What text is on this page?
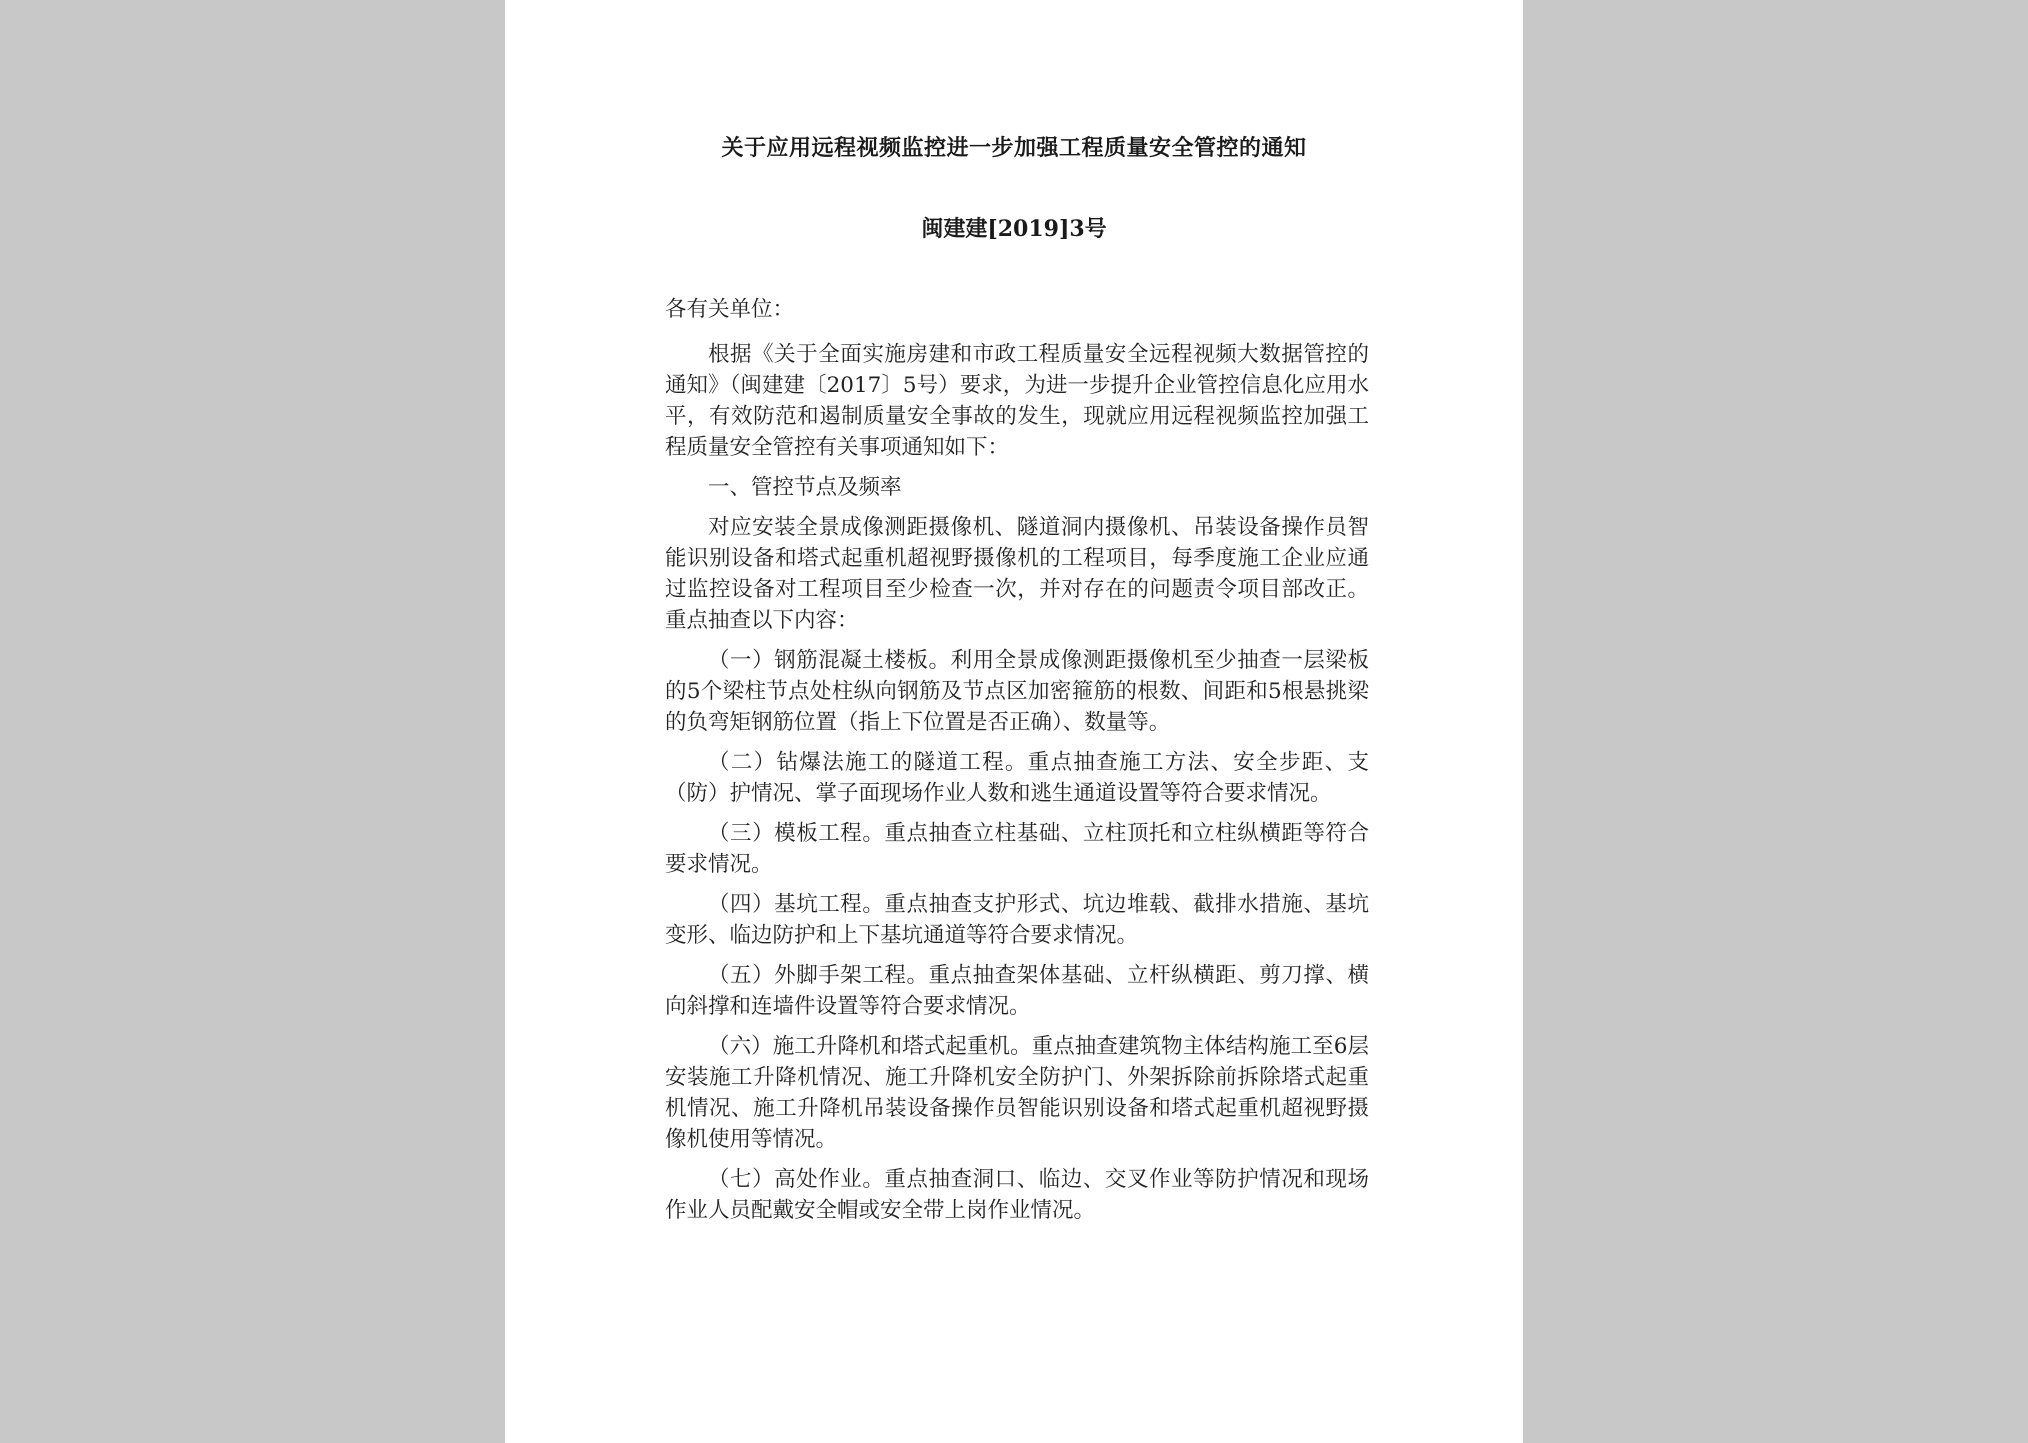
关于应用远程视频监控进一步加强工程质量安全管控的通知
闽建建[2019]3号

各有关单位：

根据《关于全面实施房建和市政工程质量安全远程视频大数据管控的通知》（闽建建〔2017〕5号）要求，为进一步提升企业管控信息化应用水平，有效防范和遏制质量安全事故的发生，现就应用远程视频监控加强工程质量安全管控有关事项通知如下：

一、管控节点及频率

对应安装全景成像测距摄像机、隧道洞内摄像机、吊装设备操作员智能识别设备和塔式起重机超视野摄像机的工程项目，每季度施工企业应通过监控设备对工程项目至少检查一次，并对存在的问题责令项目部改正。重点抽查以下内容：

（一）钢筋混凝土楼板。利用全景成像测距摄像机至少抽查一层梁板的5个梁柱节点处柱纵向钢筋及节点区加密箍筋的根数、间距和5根悬挑梁的负弯矩钢筋位置（指上下位置是否正确）、数量等。

（二）钻爆法施工的隧道工程。重点抽查施工方法、安全步距、支（防）护情况、掌子面现场作业人数和逃生通道设置等符合要求情况。

（三）模板工程。重点抽查立柱基础、立柱顶托和立柱纵横距等符合要求情况。

（四）基坑工程。重点抽查支护形式、坑边堆载、截排水措施、基坑变形、临边防护和上下基坑通道等符合要求情况。

（五）外脚手架工程。重点抽查架体基础、立杆纵横距、剪刀撑、横向斜撑和连墙件设置等符合要求情况。

（六）施工升降机和塔式起重机。重点抽查建筑物主体结构施工至6层安装施工升降机情况、施工升降机安全防护门、外架拆除前拆除塔式起重机情况、施工升降机吊装设备操作员智能识别设备和塔式起重机超视野摄像机使用等情况。

（七）高处作业。重点抽查洞口、临边、交叉作业等防护情况和现场作业人员配戴安全帽或安全带上岗作业情况。
